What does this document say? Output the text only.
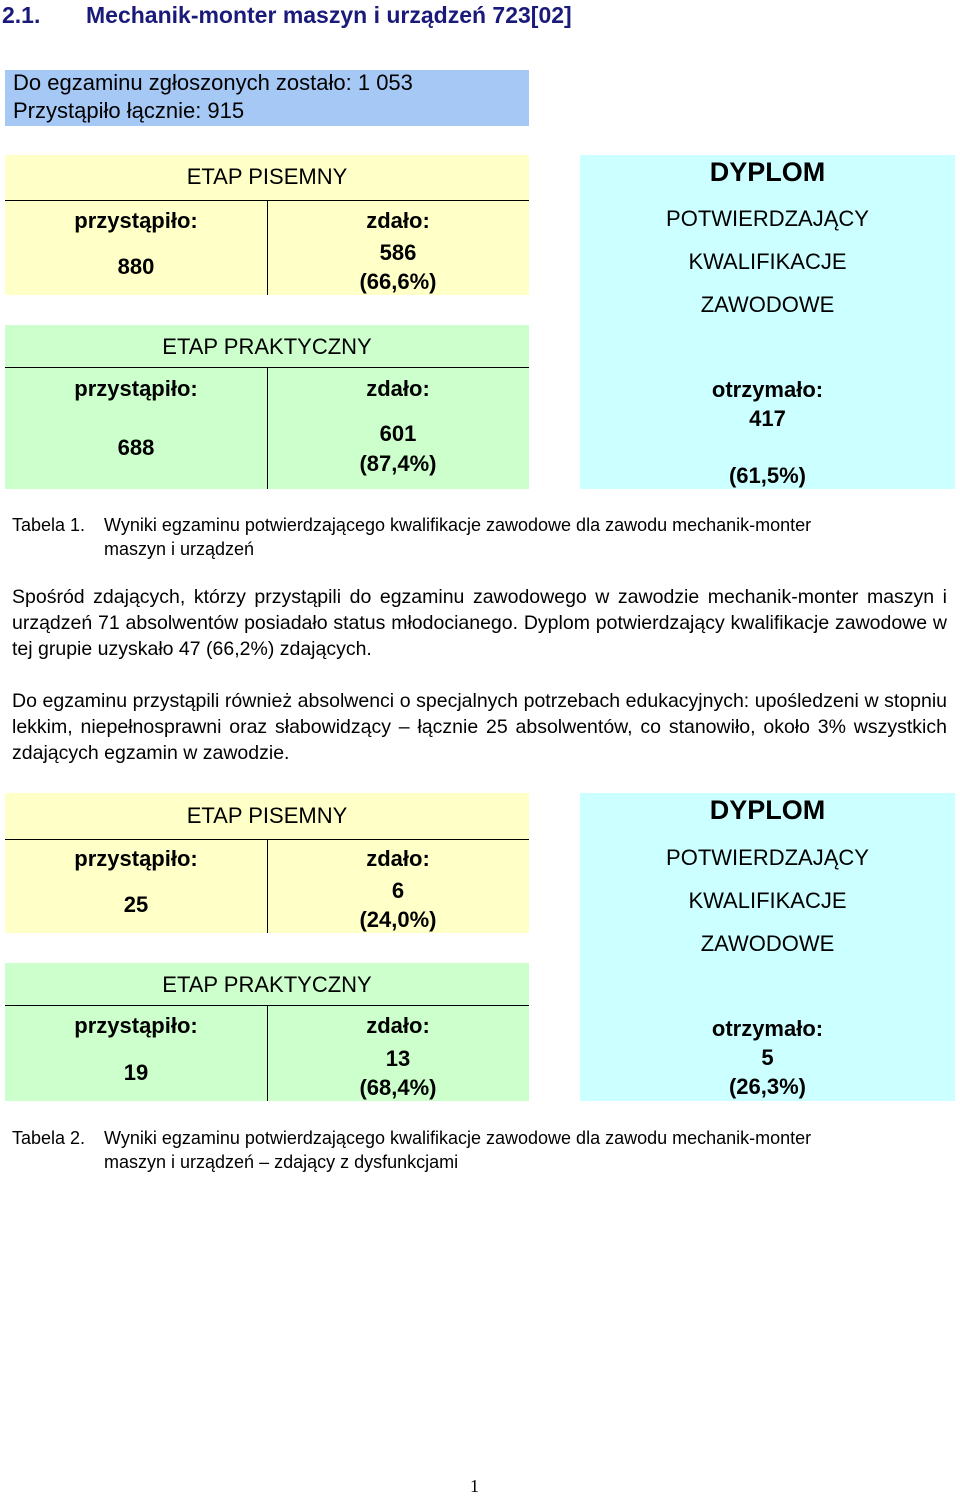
2.1. Mechanik-monter maszyn i urządzeń 723[02]
Do egzaminu zgłoszonych zostało: 1 053
Przystąpiło łącznie: 915
ETAP PISEMNY
przystąpiło:
880
zdało:
586
(66,6%)
ETAP PRAKTYCZNY
przystąpiło:
688
zdało:
601
(87,4%)
DYPLOM
POTWIERDZAJĄCY
KWALIFIKACJE
ZAWODOWE
otrzymało:
417
(61,5%)
Tabela 1. Wyniki egzaminu potwierdzającego kwalifikacje zawodowe dla zawodu mechanik-monter
maszyn i urządzeń
Spośród zdających, którzy przystąpili do egzaminu zawodowego w zawodzie mechanik-monter maszyn i urządzeń 71 absolwentów posiadało status młodocianego. Dyplom potwierdzający kwalifikacje zawodowe w tej grupie uzyskało 47 (66,2%) zdających.
Do egzaminu przystąpili również absolwenci o specjalnych potrzebach edukacyjnych: upośledzeni w stopniu lekkim, niepełnosprawni oraz słabowidzący – łącznie 25 absolwentów, co stanowiło, około 3% wszystkich zdających egzamin w zawodzie.
ETAP PISEMNY
przystąpiło:
25
zdało:
6
(24,0%)
ETAP PRAKTYCZNY
przystąpiło:
19
zdało:
13
(68,4%)
DYPLOM
POTWIERDZAJĄCY
KWALIFIKACJE
ZAWODOWE
otrzymało:
5
(26,3%)
Tabela 2. Wyniki egzaminu potwierdzającego kwalifikacje zawodowe dla zawodu mechanik-monter
maszyn i urządzeń – zdający z dysfunkcjami
1
